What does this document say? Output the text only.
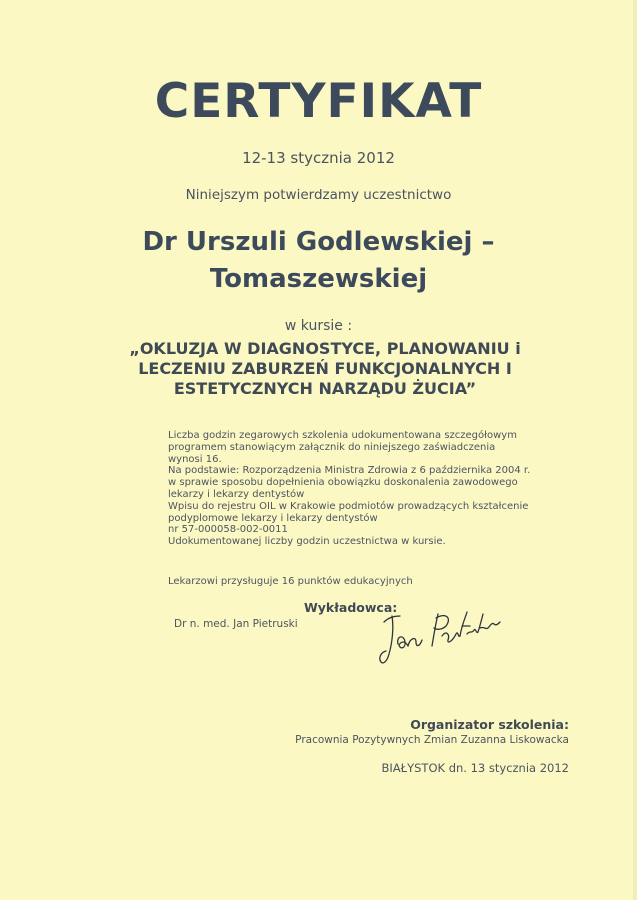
CERTYFIKAT
12-13 stycznia 2012
Niniejszym potwierdzamy uczestnictwo
Dr Urszuli Godlewskiej –
Tomaszewskiej
w kursie :
„OKLUZJA W DIAGNOSTYCE, PLANOWANIU i
LECZENIU ZABURZEŃ FUNKCJONALNYCH I
ESTETYCZNYCH NARZĄDU ŻUCIA”
Liczba godzin zegarowych szkolenia udokumentowana szczegółowym
programem stanowiącym załącznik do niniejszego zaświadczenia
wynosi 16.
Na podstawie: Rozporządzenia Ministra Zdrowia z 6 października 2004 r.
w sprawie sposobu dopełnienia obowiązku doskonalenia zawodowego
lekarzy i lekarzy dentystów
Wpisu do rejestru OIL w Krakowie podmiotów prowadzących kształcenie
podyplomowe lekarzy i lekarzy dentystów
nr 57-000058-002-0011
Udokumentowanej liczby godzin uczestnictwa w kursie.
Lekarzowi przysługuje 16 punktów edukacyjnych
Wykładowca:
Dr n. med. Jan Pietruski
Organizator szkolenia:
Pracownia Pozytywnych Zmian Zuzanna Liskowacka
BIAŁYSTOK dn. 13 stycznia 2012
